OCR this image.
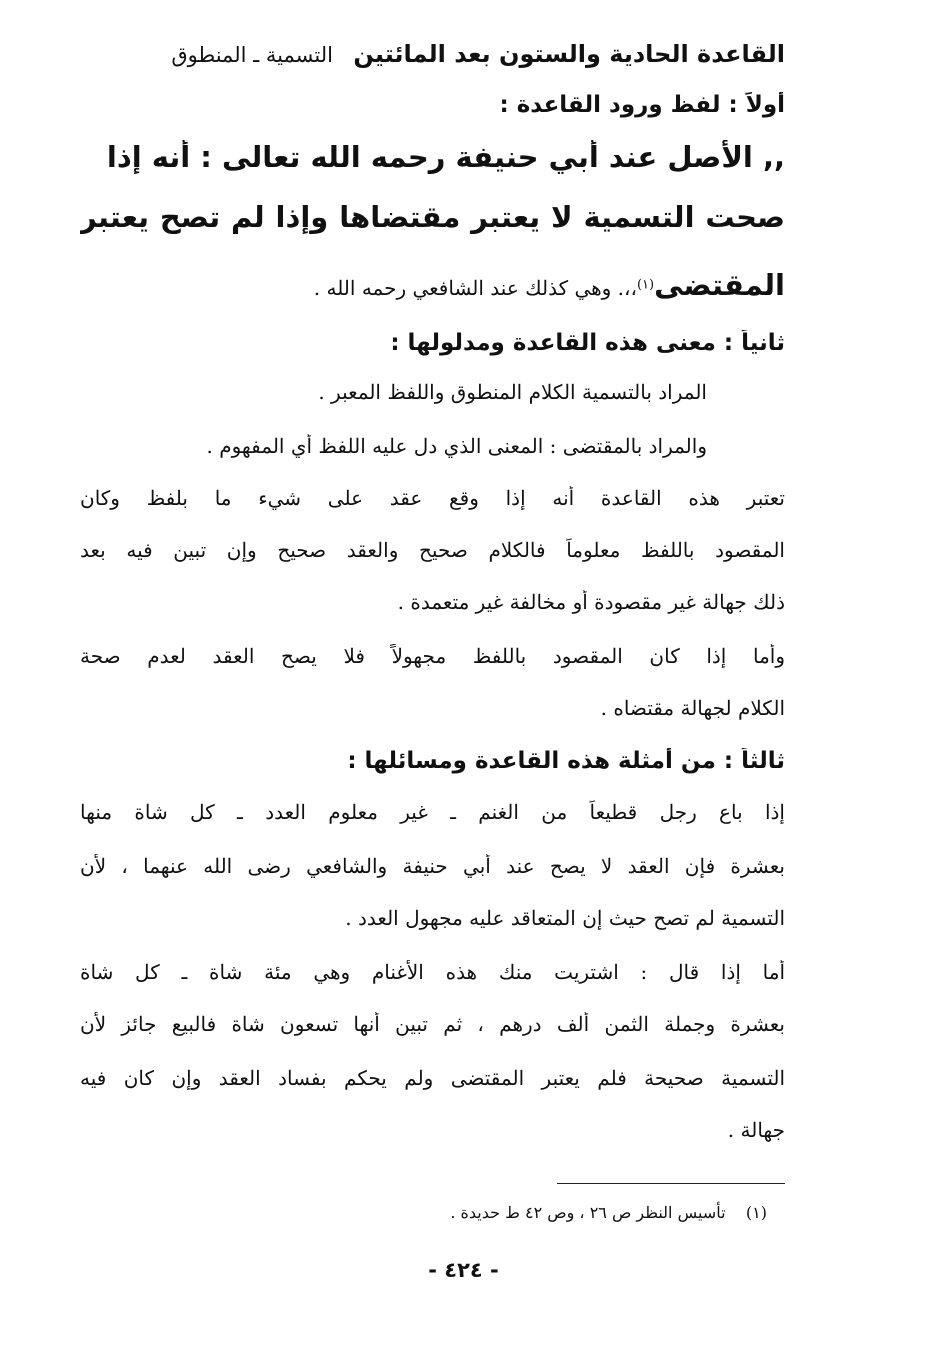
القاعدة الحادية والستون بعد المائتين    التسمية ـ المنطوق
أولاً : لفظ ورود القاعدة :
,, الأصل عند أبي حنيفة رحمه الله تعالى : أنه إذا
صحت التسمية لا يعتبر مقتضاها وإذا لم تصح يعتبر
المقتضى$^{(١)}$،،. وهي كذلك عند الشافعي رحمه الله .
ثانياً : معنى هذه القاعدة ومدلولها :
المراد بالتسمية الكلام المنطوق واللفظ المعبر .
والمراد بالمقتضى : المعنى الذي دل عليه اللفظ أي المفهوم .
تعتبر هذه القاعدة أنه إذا وقع عقد على شيء ما بلفظ وكان
المقصود باللفظ معلوماً فالكلام صحيح والعقد صحيح وإن تبين فيه بعد
ذلك جهالة غير مقصودة أو مخالفة غير متعمدة .
وأما إذا كان المقصود باللفظ مجهولاً فلا يصح العقد لعدم صحة
الكلام لجهالة مقتضاه .
ثالثاً : من أمثلة هذه القاعدة ومسائلها :
إذا باع رجل قطيعاً من الغنم ـ غير معلوم العدد ـ كل شاة منها
بعشرة فإن العقد لا يصح عند أبي حنيفة والشافعي رضى الله عنهما ، لأن
التسمية لم تصح حيث إن المتعاقد عليه مجهول العدد .
أما إذا قال : اشتريت منك هذه الأغنام وهي مئة شاة ـ كل شاة
بعشرة وجملة الثمن ألف درهم ، ثم تبين أنها تسعون شاة فالبيع جائز لأن
التسمية صحيحة فلم يعتبر المقتضى ولم يحكم بفساد العقد وإن كان فيه
جهالة .
(١)    تأسيس النظر ص ٢٦ ، وص ٤٢ ط حديدة .
- ٤٢٤ -
